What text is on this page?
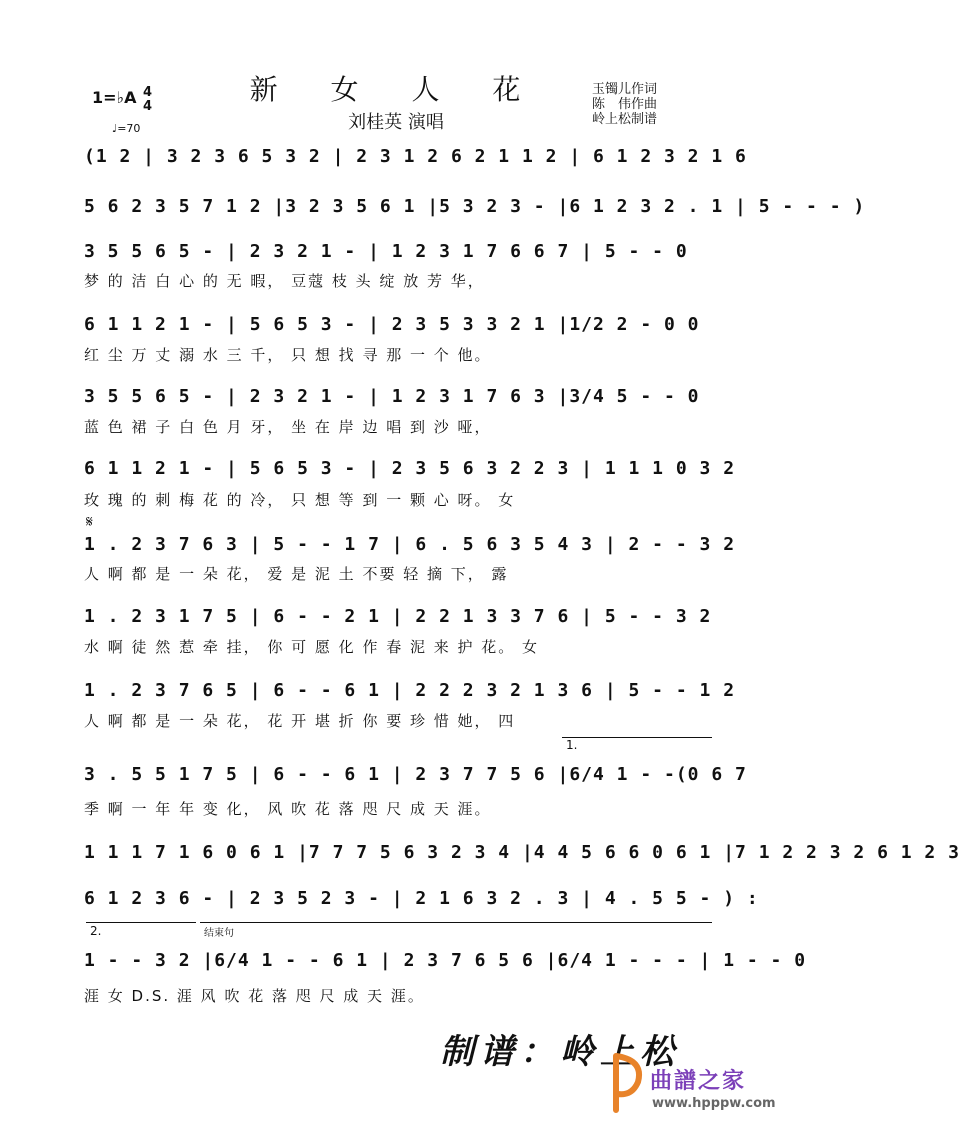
新 女 人 花
刘桂英 演唱
1=♭A 4
4
♩=70
玉镯儿作词
陈　伟作曲
岭上松制谱
(1 2 | 3 2 3 6 5 3 2 | 2 3 1 2 6 2 1 1 2 | 6 1 2 3 2 1 6
5 6 2 3 5 7 1 2 |3 2 3 5 6 1 |5 3 2 3 - |6 1 2 3 2 . 1 | 5 - - - )
3 5 5 6 5 - | 2 3 2 1 - | 1 2 3 1 7 6 6 7 | 5 - - 0
梦 的 洁 白 心 的 无 暇， 豆蔻 枝 头 绽 放 芳 华，
6 1 1 2 1 - | 5 6 5 3 - | 2 3 5 3 3 2 1 |1/2 2 - 0 0
红 尘 万 丈 溺 水 三 千， 只 想 找 寻 那 一 个 他。
3 5 5 6 5 - | 2 3 2 1 - | 1 2 3 1 7 6 3 |3/4 5 - - 0
蓝 色 裙 子 白 色 月 牙， 坐 在 岸 边 唱 到 沙 哑，
6 1 1 2 1 - | 5 6 5 3 - | 2 3 5 6 3 2 2 3 | 1 1 1 0 3 2
玫 瑰 的 刺 梅 花 的 冷， 只 想 等 到 一 颗 心 呀。 女
𝄋
1 . 2 3 7 6 3 | 5 - - 1 7 | 6 . 5 6 3 5 4 3 | 2 - - 3 2
人 啊 都 是 一 朵 花， 爱 是 泥 土 不要 轻 摘 下， 露
1 . 2 3 1 7 5 | 6 - - 2 1 | 2 2 1 3 3 7 6 | 5 - - 3 2
水 啊 徒 然 惹 牵 挂， 你 可 愿 化 作 春 泥 来 护 花。 女
1 . 2 3 7 6 5 | 6 - - 6 1 | 2 2 2 3 2 1 3 6 | 5 - - 1 2
人 啊 都 是 一 朵 花， 花 开 堪 折 你 要 珍 惜 她， 四
1.
3 . 5 5 1 7 5 | 6 - - 6 1 | 2 3 7 7 5 6 |6/4 1 - -(0 6 7
季 啊 一 年 年 变 化， 风 吹 花 落 咫 尺 成 天 涯。
1 1 1 7 1 6 0 6 1 |7 7 7 5 6 3 2 3 4 |4 4 5 6 6 0 6 1 |7 1 2 2 3 2 6 1 2 3
6 1 2 3 6 - | 2 3 5 2 3 - | 2 1 6 3 2 . 3 | 4 . 5 5 - ) :
2.	结束句
1 - - 3 2 |6/4 1 - - 6 1 | 2 3 7 6 5 6 |6/4 1 - - - | 1 - - 0
涯 女 D.S. 涯 风 吹 花 落 咫 尺 成 天 涯。
制谱：岭上松
曲譜之家
www.hpppw.com
